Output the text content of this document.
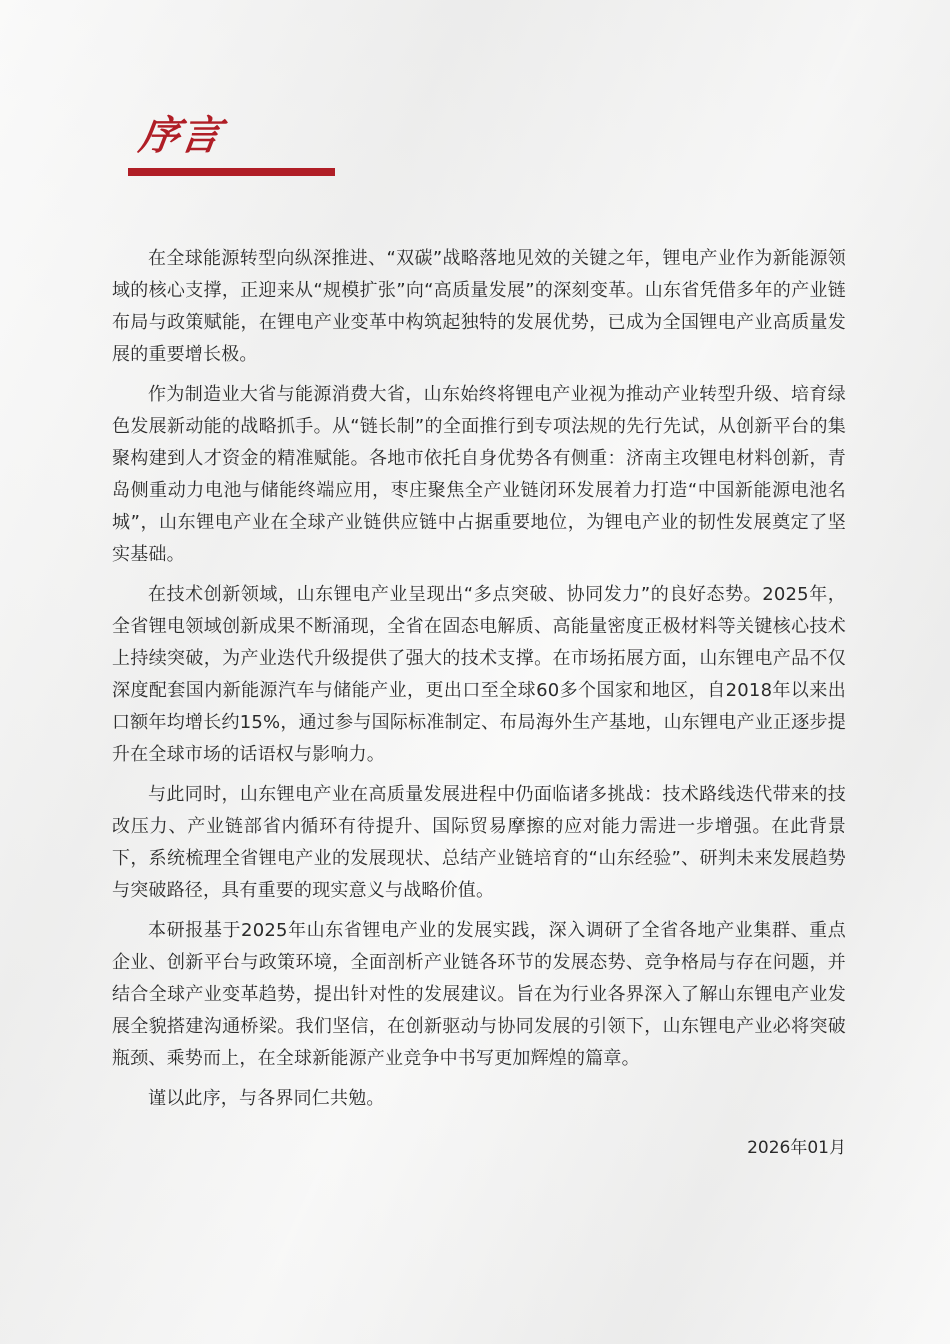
序言

在全球能源转型向纵深推进、“双碳”战略落地见效的关键之年，锂电产业作为新能源领域的核心支撑，正迎来从“规模扩张”向“高质量发展”的深刻变革。山东省凭借多年的产业链布局与政策赋能，在锂电产业变革中构筑起独特的发展优势，已成为全国锂电产业高质量发展的重要增长极。

作为制造业大省与能源消费大省，山东始终将锂电产业视为推动产业转型升级、培育绿色发展新动能的战略抓手。从“链长制”的全面推行到专项法规的先行先试，从创新平台的集聚构建到人才资金的精准赋能。各地市依托自身优势各有侧重：济南主攻锂电材料创新，青岛侧重动力电池与储能终端应用，枣庄聚焦全产业链闭环发展着力打造“中国新能源电池名城”，山东锂电产业在全球产业链供应链中占据重要地位，为锂电产业的韧性发展奠定了坚实基础。

在技术创新领域，山东锂电产业呈现出“多点突破、协同发力”的良好态势。2025年，全省锂电领域创新成果不断涌现，全省在固态电解质、高能量密度正极材料等关键核心技术上持续突破，为产业迭代升级提供了强大的技术支撑。在市场拓展方面，山东锂电产品不仅深度配套国内新能源汽车与储能产业，更出口至全球60多个国家和地区，自2018年以来出口额年均增长约15%，通过参与国际标准制定、布局海外生产基地，山东锂电产业正逐步提升在全球市场的话语权与影响力。

与此同时，山东锂电产业在高质量发展进程中仍面临诸多挑战：技术路线迭代带来的技改压力、产业链部省内循环有待提升、国际贸易摩擦的应对能力需进一步增强。在此背景下，系统梳理全省锂电产业的发展现状、总结产业链培育的“山东经验”、研判未来发展趋势与突破路径，具有重要的现实意义与战略价值。

本研报基于2025年山东省锂电产业的发展实践，深入调研了全省各地产业集群、重点企业、创新平台与政策环境，全面剖析产业链各环节的发展态势、竞争格局与存在问题，并结合全球产业变革趋势，提出针对性的发展建议。旨在为行业各界深入了解山东锂电产业发展全貌搭建沟通桥梁。我们坚信，在创新驱动与协同发展的引领下，山东锂电产业必将突破瓶颈、乘势而上，在全球新能源产业竞争中书写更加辉煌的篇章。

谨以此序，与各界同仁共勉。

2026年01月
